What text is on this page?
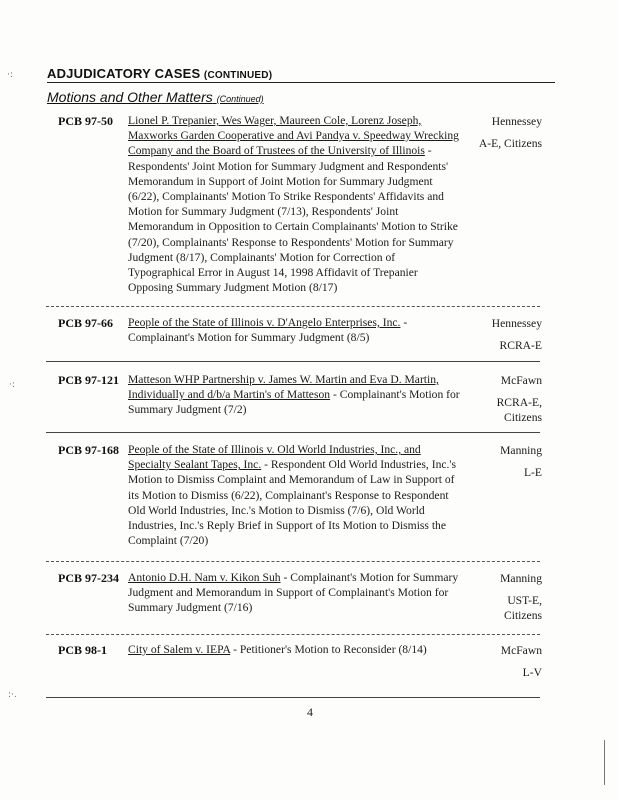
·:
·:
:·.
ADJUDICATORY CASES (CONTINUED)
Motions and Other Matters (Continued)
PCB 97-50 Lionel P. Trepanier, Wes Wager, Maureen Cole, Lorenz Joseph, Maxworks Garden Cooperative and Avi Pandya v. Speedway Wrecking Company and the Board of Trustees of the University of Illinois - Respondents' Joint Motion for Summary Judgment and Respondents' Memorandum in Support of Joint Motion for Summary Judgment (6/22), Complainants' Motion To Strike Respondents' Affidavits and Motion for Summary Judgment (7/13), Respondents' Joint Memorandum in Opposition to Certain Complainants' Motion to Strike (7/20), Complainants' Response to Respondents' Motion for Summary Judgment (8/17), Complainants' Motion for Correction of Typographical Error in August 14, 1998 Affidavit of Trepanier Opposing Summary Judgment Motion (8/17)
Hennessey
A-E, Citizens
PCB 97-66 People of the State of Illinois v. D'Angelo Enterprises, Inc. - Complainant's Motion for Summary Judgment (8/5)
Hennessey
RCRA-E
PCB 97-121 Matteson WHP Partnership v. James W. Martin and Eva D. Martin, Individually and d/b/a Martin's of Matteson - Complainant's Motion for Summary Judgment (7/2)
McFawn
RCRA-E, Citizens
PCB 97-168 People of the State of Illinois v. Old World Industries, Inc., and Specialty Sealant Tapes, Inc. - Respondent Old World Industries, Inc.'s Motion to Dismiss Complaint and Memorandum of Law in Support of its Motion to Dismiss (6/22), Complainant's Response to Respondent Old World Industries, Inc.'s Motion to Dismiss (7/6), Old World Industries, Inc.'s Reply Brief in Support of Its Motion to Dismiss the Complaint (7/20)
Manning
L-E
PCB 97-234 Antonio D.H. Nam v. Kikon Suh - Complainant's Motion for Summary Judgment and Memorandum in Support of Complainant's Motion for Summary Judgment (7/16)
Manning
UST-E, Citizens
PCB 98-1 City of Salem v. IEPA - Petitioner's Motion to Reconsider (8/14)	McFawn
L-V
4
